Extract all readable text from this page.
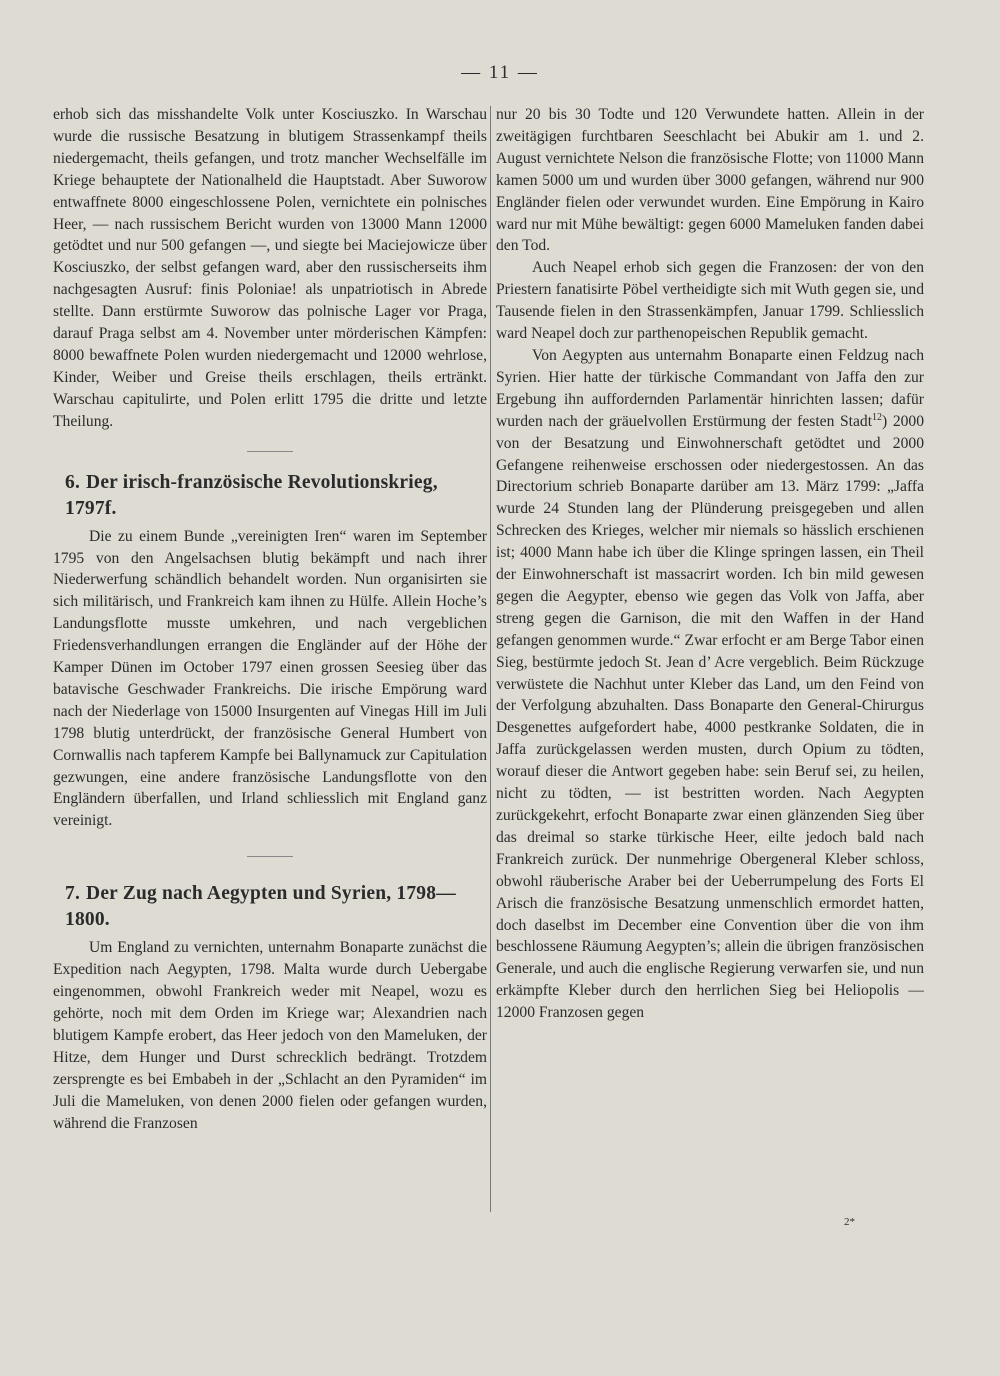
— 11 —

erhob sich das misshandelte Volk unter Kosciuszko. In Warschau wurde die russische Besatzung in blutigem Strassenkampf theils niedergemacht, theils gefangen, und trotz mancher Wechselfälle im Kriege behauptete der Nationalheld die Hauptstadt. Aber Suworow entwaffnete 8000 eingeschlossene Polen, vernichtete ein polnisches Heer, — nach russischem Bericht wurden von 13000 Mann 12000 getödtet und nur 500 gefangen —, und siegte bei Maciejowicze über Kosciuszko, der selbst gefangen ward, aber den russischerseits ihm nachgesagten Ausruf: finis Poloniae! als unpatriotisch in Abrede stellte. Dann erstürmte Suworow das polnische Lager vor Praga, darauf Praga selbst am 4. November unter mörderischen Kämpfen: 8000 bewaffnete Polen wurden niedergemacht und 12000 wehrlose, Kinder, Weiber und Greise theils erschlagen, theils ertränkt. Warschau capitulirte, und Polen erlitt 1795 die dritte und letzte Theilung.

6. Der irisch-französische Revolutionskrieg, 1797f.

Die zu einem Bunde „vereinigten Iren“ waren im September 1795 von den Angelsachsen blutig bekämpft und nach ihrer Niederwerfung schändlich behandelt worden. Nun organisirten sie sich militärisch, und Frankreich kam ihnen zu Hülfe. Allein Hoche’s Landungsflotte musste umkehren, und nach vergeblichen Friedensverhandlungen errangen die Engländer auf der Höhe der Kamper Dünen im October 1797 einen grossen Seesieg über das batavische Geschwader Frankreichs. Die irische Empörung ward nach der Niederlage von 15000 Insurgenten auf Vinegas Hill im Juli 1798 blutig unterdrückt, der französische General Humbert von Cornwallis nach tapferem Kampfe bei Ballynamuck zur Capitulation gezwungen, eine andere französische Landungsflotte von den Engländern überfallen, und Irland schliesslich mit England ganz vereinigt.

7. Der Zug nach Aegypten und Syrien, 1798—1800.

Um England zu vernichten, unternahm Bonaparte zunächst die Expedition nach Aegypten, 1798. Malta wurde durch Uebergabe eingenommen, obwohl Frankreich weder mit Neapel, wozu es gehörte, noch mit dem Orden im Kriege war; Alexandrien nach blutigem Kampfe erobert, das Heer jedoch von den Mameluken, der Hitze, dem Hunger und Durst schrecklich bedrängt. Trotzdem zersprengte es bei Embabeh in der „Schlacht an den Pyramiden“ im Juli die Mameluken, von denen 2000 fielen oder gefangen wurden, während die Franzosen

nur 20 bis 30 Todte und 120 Verwundete hatten. Allein in der zweitägigen furchtbaren Seeschlacht bei Abukir am 1. und 2. August vernichtete Nelson die französische Flotte; von 11000 Mann kamen 5000 um und wurden über 3000 gefangen, während nur 900 Engländer fielen oder verwundet wurden. Eine Empörung in Kairo ward nur mit Mühe bewältigt: gegen 6000 Mameluken fanden dabei den Tod.

Auch Neapel erhob sich gegen die Franzosen: der von den Priestern fanatisirte Pöbel vertheidigte sich mit Wuth gegen sie, und Tausende fielen in den Strassenkämpfen, Januar 1799. Schliesslich ward Neapel doch zur parthenopeischen Republik gemacht.

Von Aegypten aus unternahm Bonaparte einen Feldzug nach Syrien. Hier hatte der türkische Commandant von Jaffa den zur Ergebung ihn auffordernden Parlamentär hinrichten lassen; dafür wurden nach der gräuelvollen Erstürmung der festen Stadt$^{12}$) 2000 von der Besatzung und Einwohnerschaft getödtet und 2000 Gefangene reihenweise erschossen oder niedergestossen. An das Directorium schrieb Bonaparte darüber am 13. März 1799: „Jaffa wurde 24 Stunden lang der Plünderung preisgegeben und allen Schrecken des Krieges, welcher mir niemals so hässlich erschienen ist; 4000 Mann habe ich über die Klinge springen lassen, ein Theil der Einwohnerschaft ist massacrirt worden. Ich bin mild gewesen gegen die Aegypter, ebenso wie gegen das Volk von Jaffa, aber streng gegen die Garnison, die mit den Waffen in der Hand gefangen genommen wurde.“ Zwar erfocht er am Berge Tabor einen Sieg, bestürmte jedoch St. Jean d’ Acre vergeblich. Beim Rückzuge verwüstete die Nachhut unter Kleber das Land, um den Feind von der Verfolgung abzuhalten. Dass Bonaparte den General-Chirurgus Desgenettes aufgefordert habe, 4000 pestkranke Soldaten, die in Jaffa zurückgelassen werden musten, durch Opium zu tödten, worauf dieser die Antwort gegeben habe: sein Beruf sei, zu heilen, nicht zu tödten, — ist bestritten worden. Nach Aegypten zurückgekehrt, erfocht Bonaparte zwar einen glänzenden Sieg über das dreimal so starke türkische Heer, eilte jedoch bald nach Frankreich zurück. Der nunmehrige Obergeneral Kleber schloss, obwohl räuberische Araber bei der Ueberrumpelung des Forts El Arisch die französische Besatzung unmenschlich ermordet hatten, doch daselbst im December eine Convention über die von ihm beschlossene Räumung Aegypten’s; allein die übrigen französischen Generale, und auch die englische Regierung verwarfen sie, und nun erkämpfte Kleber durch den herrlichen Sieg bei Heliopolis — 12000 Franzosen gegen

2*
